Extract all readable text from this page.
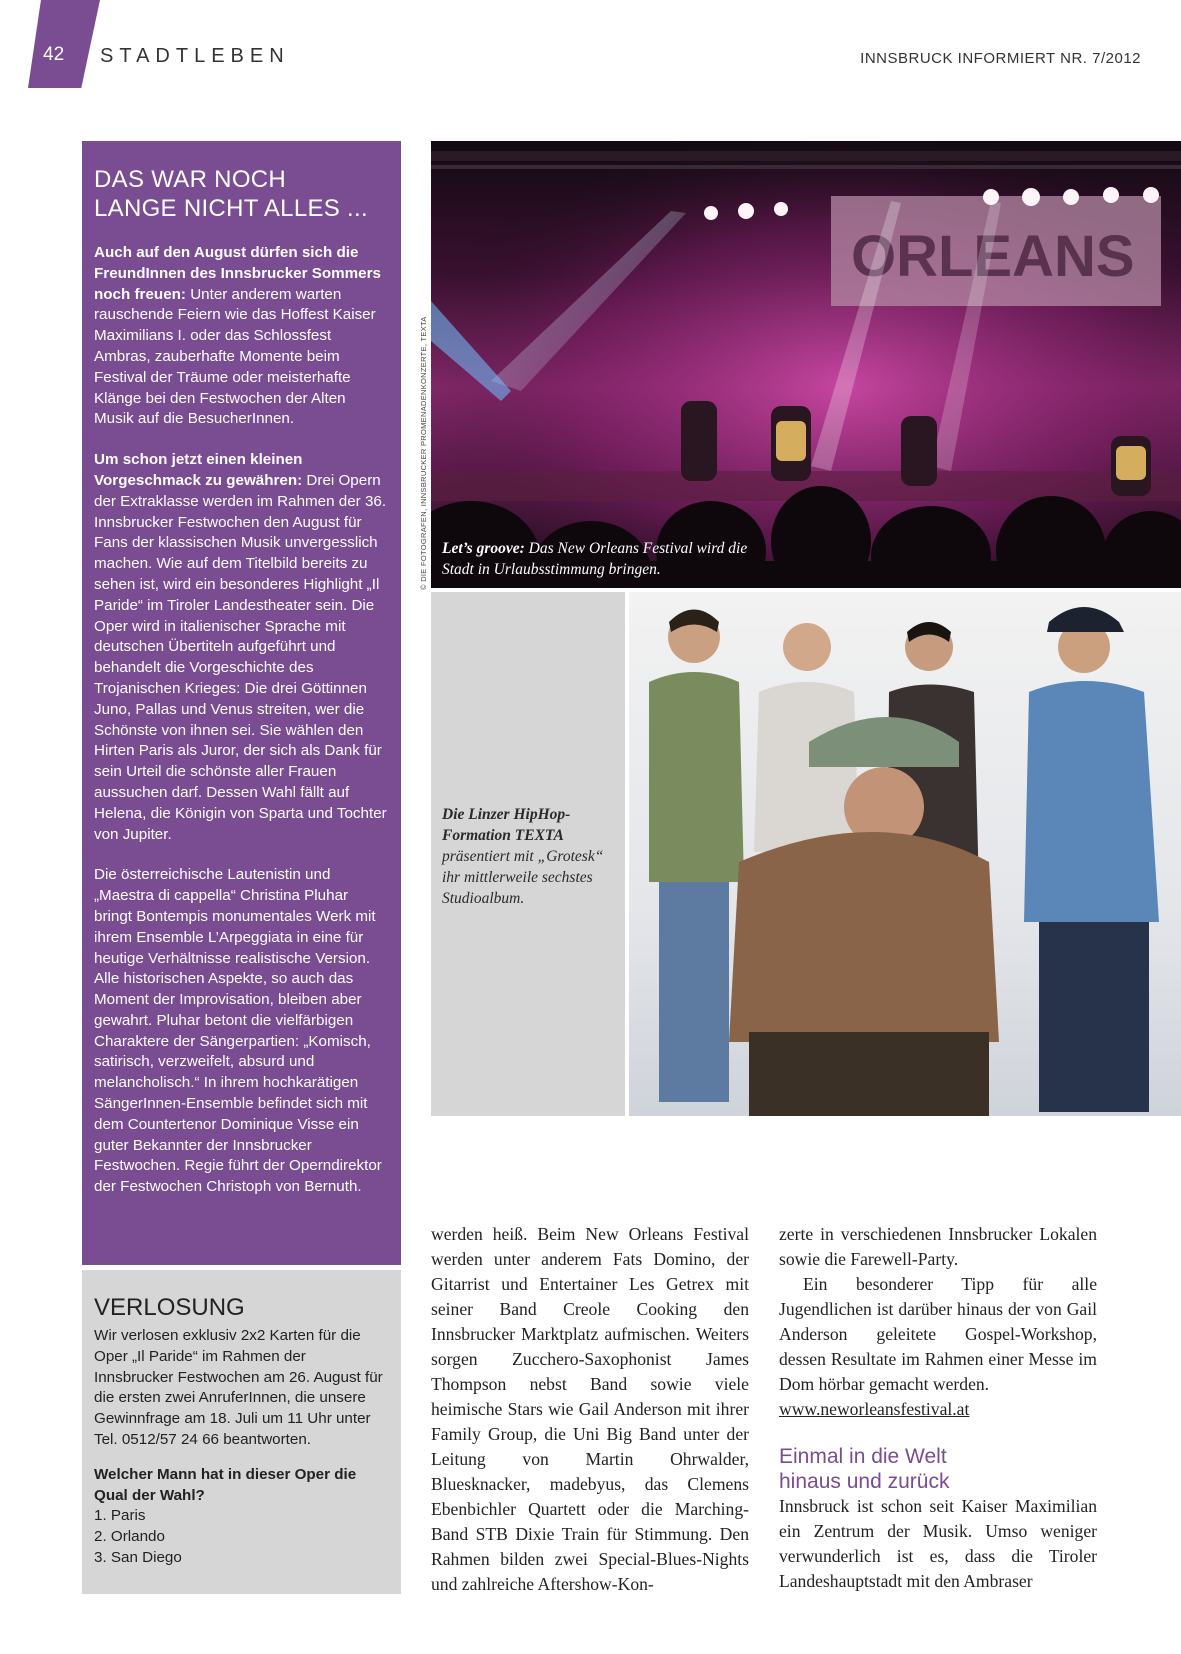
42 STADTLEBEN	INNSBRUCK INFORMIERT NR. 7/2012
DAS WAR NOCH
LANGE NICHT ALLES ...

Auch auf den August dürfen sich die FreundInnen des Innsbrucker Sommers noch freuen: Unter anderem warten rauschende Feiern wie das Hoffest Kaiser Maximilians I. oder das Schlossfest Ambras, zauberhafte Momente beim Festival der Träume oder meisterhafte Klänge bei den Festwochen der Alten Musik auf die BesucherInnen.

Um schon jetzt einen kleinen Vorgeschmack zu gewähren: Drei Opern der Extraklasse werden im Rahmen der 36. Innsbrucker Festwochen den August für Fans der klassischen Musik unvergesslich machen. Wie auf dem Titelbild bereits zu sehen ist, wird ein besonderes Highlight „Il Paride“ im Tiroler Landestheater sein. Die Oper wird in italienischer Sprache mit deutschen Übertiteln aufgeführt und behandelt die Vorgeschichte des Trojanischen Krieges: Die drei Göttinnen Juno, Pallas und Venus streiten, wer die Schönste von ihnen sei. Sie wählen den Hirten Paris als Juror, der sich als Dank für sein Urteil die schönste aller Frauen aussuchen darf. Dessen Wahl fällt auf Helena, die Königin von Sparta und Tochter von Jupiter.

Die österreichische Lautenistin und „Maestra di cappella“ Christina Pluhar bringt Bontempis monumentales Werk mit ihrem Ensemble L’Arpeggiata in eine für heutige Verhältnisse realistische Version. Alle historischen Aspekte, so auch das Moment der Improvisation, bleiben aber gewahrt. Pluhar betont die vielfärbigen Charaktere der Sängerpartien: „Komisch, satirisch, verzweifelt, absurd und melancholisch.“ In ihrem hochkarätigen SängerInnen-Ensemble befindet sich mit dem Countertenor Dominique Visse ein guter Bekannter der Innsbrucker Festwochen. Regie führt der Operndirektor der Festwochen Christoph von Bernuth.

VERLOSUNG

Wir verlosen exklusiv 2x2 Karten für die Oper „Il Paride“ im Rahmen der Innsbrucker Festwochen am 26. August für die ersten zwei AnruferInnen, die unsere Gewinnfrage am 18. Juli um 11 Uhr unter Tel. 0512/57 24 66 beantworten.

Welcher Mann hat in dieser Oper die Qual der Wahl?

1. Paris
2. Orlando
3. San Diego
© DIE FOTOGRAFEN, INNSBRUCKER PROMENADENKONZERTE, TEXTA
ORLEANS
Let’s groove: Das New Orleans Festival wird die Stadt in Urlaubsstimmung bringen.
Die Linzer HipHop-Formation TEXTA präsentiert mit „Grotesk“ ihr mittlerweile sechstes Studioalbum.

werden heiß. Beim New Orleans Festival werden unter anderem Fats Domino, der Gitarrist und Entertainer Les Getrex mit seiner Band Creole Cooking den Innsbrucker Marktplatz aufmischen. Weiters sorgen Zucchero-Saxophonist James Thompson nebst Band sowie viele heimische Stars wie Gail Anderson mit ihrer Family Group, die Uni Big Band unter der Leitung von Martin Ohrwalder, Bluesknacker, madebyus, das Clemens Ebenbichler Quartett oder die Marching-Band STB Dixie Train für Stimmung. Den Rahmen bilden zwei Special-Blues-Nights und zahlreiche Aftershow-Kon-

zerte in verschiedenen Innsbrucker Lokalen sowie die Farewell-Party.

Ein besonderer Tipp für alle Jugendlichen ist darüber hinaus der von Gail Anderson geleitete Gospel-Workshop, dessen Resultate im Rahmen einer Messe im Dom hörbar gemacht werden.

www.neworleansfestival.at

Einmal in die Welt
hinaus und zurück

Innsbruck ist schon seit Kaiser Maximilian ein Zentrum der Musik. Umso weniger verwunderlich ist es, dass die Tiroler Landeshauptstadt mit den Ambraser
